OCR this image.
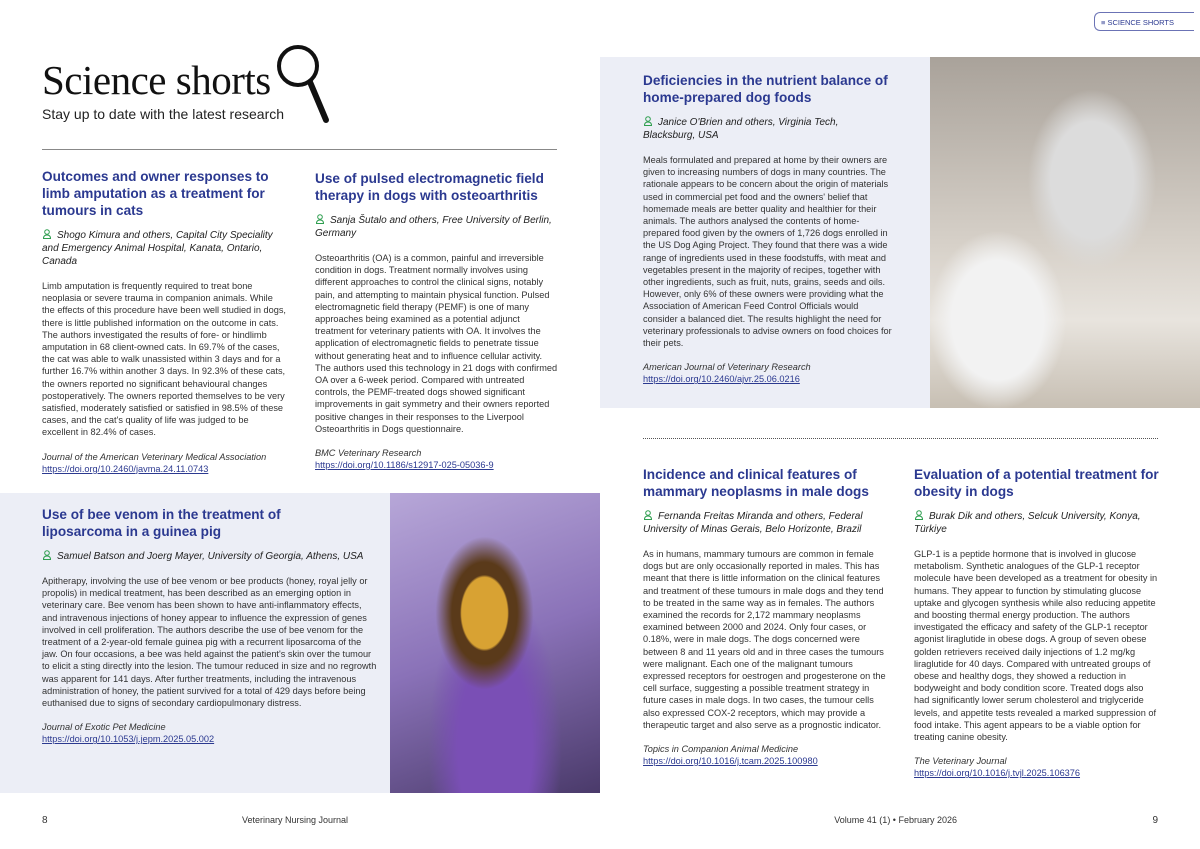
Science shorts
Stay up to date with the latest research
≡ SCIENCE SHORTS
Outcomes and owner responses to limb amputation as a treatment for tumours in cats
Shogo Kimura and others, Capital City Speciality and Emergency Animal Hospital, Kanata, Ontario, Canada

Limb amputation is frequently required to treat bone neoplasia or severe trauma in companion animals. While the effects of this procedure have been well studied in dogs, there is little published information on the outcome in cats. The authors investigated the results of fore- or hindlimb amputation in 68 client-owned cats. In 69.7% of the cases, the cat was able to walk unassisted within 3 days and for a further 16.7% within another 3 days. In 92.3% of these cats, the owners reported no significant behavioural changes postoperatively. The owners reported themselves to be very satisfied, moderately satisfied or satisfied in 98.5% of these cases, and the cat's quality of life was judged to be excellent in 82.4% of cases.

Journal of the American Veterinary Medical Association
https://doi.org/10.2460/javma.24.11.0743
Use of pulsed electromagnetic field therapy in dogs with osteoarthritis
Sanja Šutalo and others, Free University of Berlin, Germany

Osteoarthritis (OA) is a common, painful and irreversible condition in dogs. Treatment normally involves using different approaches to control the clinical signs, notably pain, and attempting to maintain physical function. Pulsed electromagnetic field therapy (PEMF) is one of many approaches being examined as a potential adjunct treatment for veterinary patients with OA. It involves the application of electromagnetic fields to penetrate tissue without generating heat and to influence cellular activity. The authors used this technology in 21 dogs with confirmed OA over a 6-week period. Compared with untreated controls, the PEMF-treated dogs showed significant improvements in gait symmetry and their owners reported positive changes in their responses to the Liverpool Osteoarthritis in Dogs questionnaire.

BMC Veterinary Research
https://doi.org/10.1186/s12917-025-05036-9
Use of bee venom in the treatment of liposarcoma in a guinea pig
Samuel Batson and Joerg Mayer, University of Georgia, Athens, USA

Apitherapy, involving the use of bee venom or bee products (honey, royal jelly or propolis) in medical treatment, has been described as an emerging option in veterinary care. Bee venom has been shown to have anti-inflammatory effects, and intravenous injections of honey appear to influence the expression of genes involved in cell proliferation. The authors describe the use of bee venom for the treatment of a 2-year-old female guinea pig with a recurrent liposarcoma of the jaw. On four occasions, a bee was held against the patient's skin over the tumour to elicit a sting directly into the lesion. The tumour reduced in size and no regrowth was apparent for 141 days. After further treatments, including the intravenous administration of honey, the patient survived for a total of 429 days before being euthanised due to signs of secondary cardiopulmonary distress.

Journal of Exotic Pet Medicine
https://doi.org/10.1053/j.jepm.2025.05.002
Deficiencies in the nutrient balance of home-prepared dog foods
Janice O'Brien and others, Virginia Tech, Blacksburg, USA

Meals formulated and prepared at home by their owners are given to increasing numbers of dogs in many countries. The rationale appears to be concern about the origin of materials used in commercial pet food and the owners' belief that homemade meals are better quality and healthier for their animals. The authors analysed the contents of home-prepared food given by the owners of 1,726 dogs enrolled in the US Dog Aging Project. They found that there was a wide range of ingredients used in these foodstuffs, with meat and vegetables present in the majority of recipes, together with other ingredients, such as fruit, nuts, grains, seeds and oils. However, only 6% of these owners were providing what the Association of American Feed Control Officials would consider a balanced diet. The results highlight the need for veterinary professionals to advise owners on food choices for their pets.

American Journal of Veterinary Research
https://doi.org/10.2460/ajvr.25.06.0216
Incidence and clinical features of mammary neoplasms in male dogs
Fernanda Freitas Miranda and others, Federal University of Minas Gerais, Belo Horizonte, Brazil

As in humans, mammary tumours are common in female dogs but are only occasionally reported in males. This has meant that there is little information on the clinical features and treatment of these tumours in male dogs and they tend to be treated in the same way as in females. The authors examined the records for 2,172 mammary neoplasms examined between 2000 and 2024. Only four cases, or 0.18%, were in male dogs. The dogs concerned were between 8 and 11 years old and in three cases the tumours were malignant. Each one of the malignant tumours expressed receptors for oestrogen and progesterone on the cell surface, suggesting a possible treatment strategy in future cases in male dogs. In two cases, the tumour cells also expressed COX-2 receptors, which may provide a therapeutic target and also serve as a prognostic indicator.

Topics in Companion Animal Medicine
https://doi.org/10.1016/j.tcam.2025.100980
Evaluation of a potential treatment for obesity in dogs
Burak Dik and others, Selcuk University, Konya, Türkiye

GLP-1 is a peptide hormone that is involved in glucose metabolism. Synthetic analogues of the GLP-1 receptor molecule have been developed as a treatment for obesity in humans. They appear to function by stimulating glucose uptake and glycogen synthesis while also reducing appetite and boosting thermal energy production. The authors investigated the efficacy and safety of the GLP-1 receptor agonist liraglutide in obese dogs. A group of seven obese golden retrievers received daily injections of 1.2 mg/kg liraglutide for 40 days. Compared with untreated groups of obese and healthy dogs, they showed a reduction in bodyweight and body condition score. Treated dogs also had significantly lower serum cholesterol and triglyceride levels, and appetite tests revealed a marked suppression of food intake. This agent appears to be a viable option for treating canine obesity.

The Veterinary Journal
https://doi.org/10.1016/j.tvjl.2025.106376
8	Veterinary Nursing Journal	Volume 41 (1) • February 2026	9
